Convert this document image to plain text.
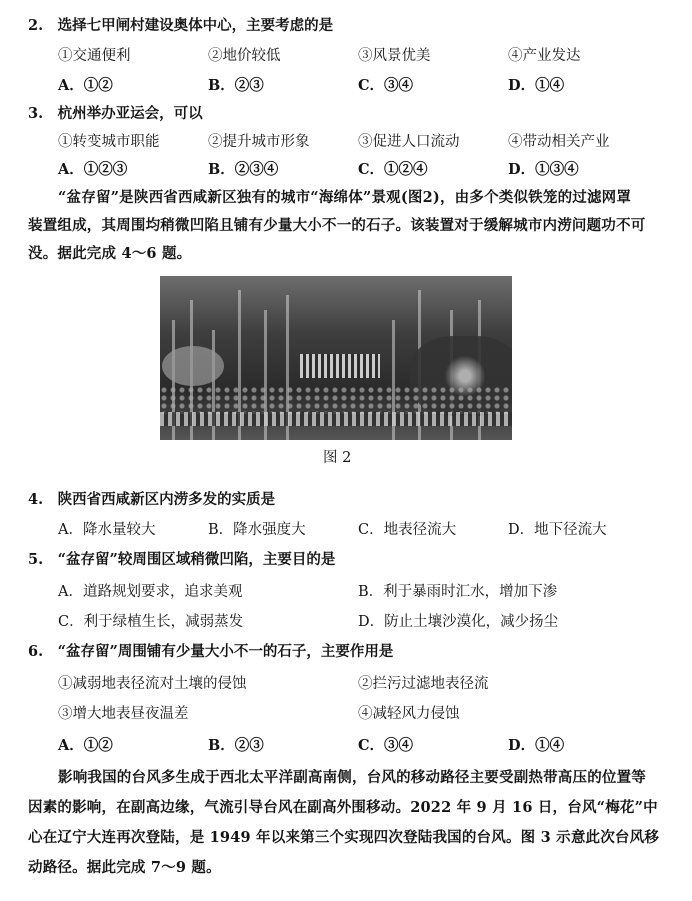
2.　选择七甲闸村建设奥体中心，主要考虑的是
①交通便利	②地价较低	③风景优美	④产业发达
A．①②	B．②③	C．③④	D．①④
3.　杭州举办亚运会，可以
①转变城市职能	②提升城市形象	③促进人口流动	④带动相关产业
A．①②③	B．②③④	C．①②④	D．①③④
“盆存留”是陕西省西咸新区独有的城市“海绵体”景观(图2)，由多个类似铁笼的过滤网罩
装置组成，其周围均稍微凹陷且铺有少量大小不一的石子。该装置对于缓解城市内涝问题功不可
没。据此完成 4～6 题。
图 2
4.　陕西省西咸新区内涝多发的实质是
A．降水量较大	B．降水强度大	C．地表径流大	D．地下径流大
5.　“盆存留”较周围区域稍微凹陷，主要目的是
A．道路规划要求，追求美观	B．利于暴雨时汇水，增加下渗
C．利于绿植生长，减弱蒸发	D．防止土壤沙漠化，减少扬尘
6.　“盆存留”周围铺有少量大小不一的石子，主要作用是
①减弱地表径流对土壤的侵蚀	②拦污过滤地表径流
③增大地表昼夜温差	④减轻风力侵蚀
A．①②	B．②③	C．③④	D．①④
影响我国的台风多生成于西北太平洋副高南侧，台风的移动路径主要受副热带高压的位置等
因素的影响，在副高边缘，气流引导台风在副高外围移动。2022 年 9 月 16 日，台风“梅花”中
心在辽宁大连再次登陆，是 1949 年以来第三个实现四次登陆我国的台风。图 3 示意此次台风移
动路径。据此完成 7～9 题。
